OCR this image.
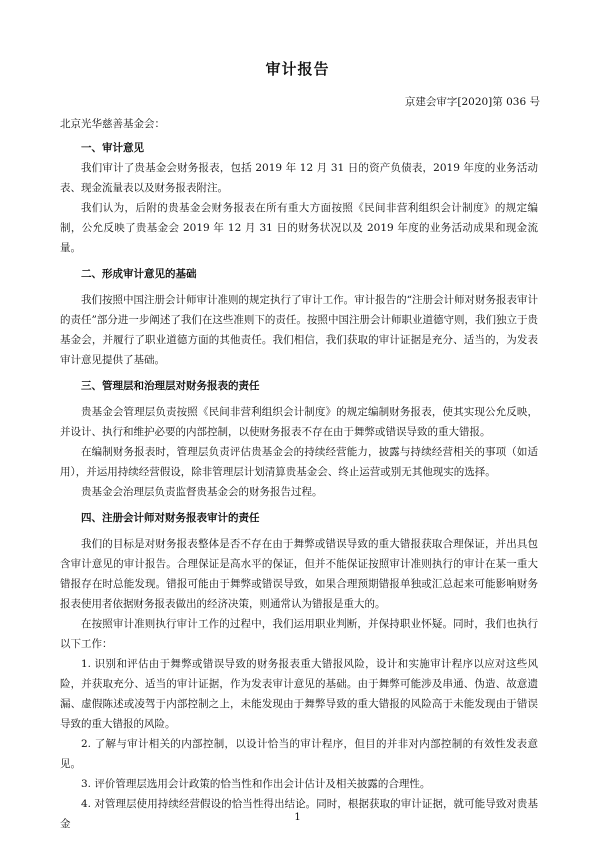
审计报告
京建会审字[2020]第 036 号
北京光华慈善基金会：
一、审计意见

我们审计了贵基金会财务报表，包括 2019 年 12 月 31 日的资产负债表，2019 年度的业务活动表、现金流量表以及财务报表附注。

我们认为，后附的贵基金会财务报表在所有重大方面按照《民间非营利组织会计制度》的规定编制，公允反映了贵基金会 2019 年 12 月 31 日的财务状况以及 2019 年度的业务活动成果和现金流量。

二、形成审计意见的基础

我们按照中国注册会计师审计准则的规定执行了审计工作。审计报告的“注册会计师对财务报表审计的责任”部分进一步阐述了我们在这些准则下的责任。按照中国注册会计师职业道德守则，我们独立于贵基金会，并履行了职业道德方面的其他责任。我们相信，我们获取的审计证据是充分、适当的，为发表审计意见提供了基础。

三、管理层和治理层对财务报表的责任

贵基金会管理层负责按照《民间非营利组织会计制度》的规定编制财务报表，使其实现公允反映，并设计、执行和维护必要的内部控制，以使财务报表不存在由于舞弊或错误导致的重大错报。

在编制财务报表时，管理层负责评估贵基金会的持续经营能力，披露与持续经营相关的事项（如适用），并运用持续经营假设，除非管理层计划清算贵基金会、终止运营或别无其他现实的选择。

贵基金会治理层负责监督贵基金会的财务报告过程。

四、注册会计师对财务报表审计的责任

我们的目标是对财务报表整体是否不存在由于舞弊或错误导致的重大错报获取合理保证，并出具包含审计意见的审计报告。合理保证是高水平的保证，但并不能保证按照审计准则执行的审计在某一重大错报存在时总能发现。错报可能由于舞弊或错误导致，如果合理预期错报单独或汇总起来可能影响财务报表使用者依据财务报表做出的经济决策，则通常认为错报是重大的。

在按照审计准则执行审计工作的过程中，我们运用职业判断，并保持职业怀疑。同时，我们也执行以下工作：

1. 识别和评估由于舞弊或错误导致的财务报表重大错报风险，设计和实施审计程序以应对这些风险，并获取充分、适当的审计证据，作为发表审计意见的基础。由于舞弊可能涉及串通、伪造、故意遗漏、虚假陈述或凌驾于内部控制之上，未能发现由于舞弊导致的重大错报的风险高于未能发现由于错误导致的重大错报的风险。

2. 了解与审计相关的内部控制，以设计恰当的审计程序，但目的并非对内部控制的有效性发表意见。

3. 评价管理层选用会计政策的恰当性和作出会计估计及相关披露的合理性。

4. 对管理层使用持续经营假设的恰当性得出结论。同时，根据获取的审计证据，就可能导致对贵基金

1
